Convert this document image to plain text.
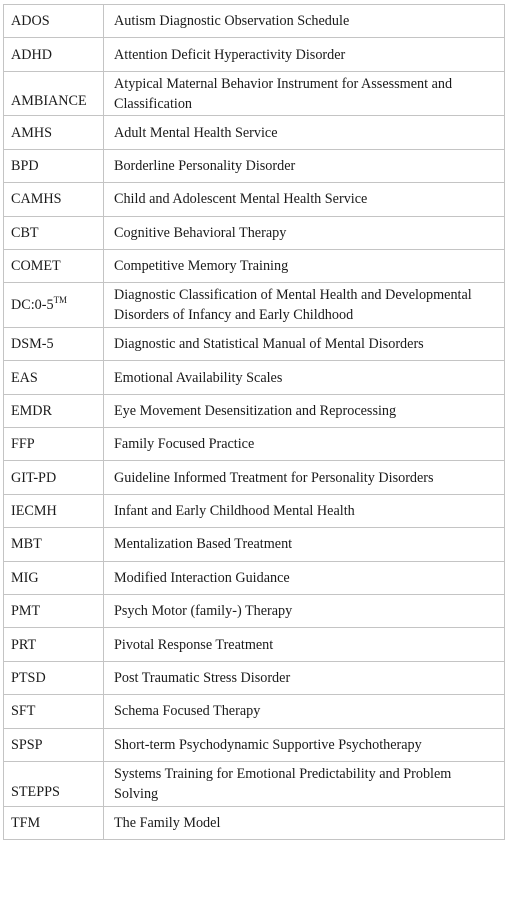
ADOS	Autism Diagnostic Observation Schedule
ADHD	Attention Deficit Hyperactivity Disorder
AMBIANCE	Atypical Maternal Behavior Instrument for Assessment and Classification
AMHS	Adult Mental Health Service
BPD	Borderline Personality Disorder
CAMHS	Child and Adolescent Mental Health Service
CBT	Cognitive Behavioral Therapy
COMET	Competitive Memory Training
DC:0-5™	Diagnostic Classification of Mental Health and Developmental Disorders of Infancy and Early Childhood
DSM-5	Diagnostic and Statistical Manual of Mental Disorders
EAS	Emotional Availability Scales
EMDR	Eye Movement Desensitization and Reprocessing
FFP	Family Focused Practice
GIT-PD	Guideline Informed Treatment for Personality Disorders
IECMH	Infant and Early Childhood Mental Health
MBT	Mentalization Based Treatment
MIG	Modified Interaction Guidance
PMT	Psych Motor (family-) Therapy
PRT	Pivotal Response Treatment
PTSD	Post Traumatic Stress Disorder
SFT	Schema Focused Therapy
SPSP	Short-term Psychodynamic Supportive Psychotherapy
STEPPS	Systems Training for Emotional Predictability and Problem Solving
TFM	The Family Model
